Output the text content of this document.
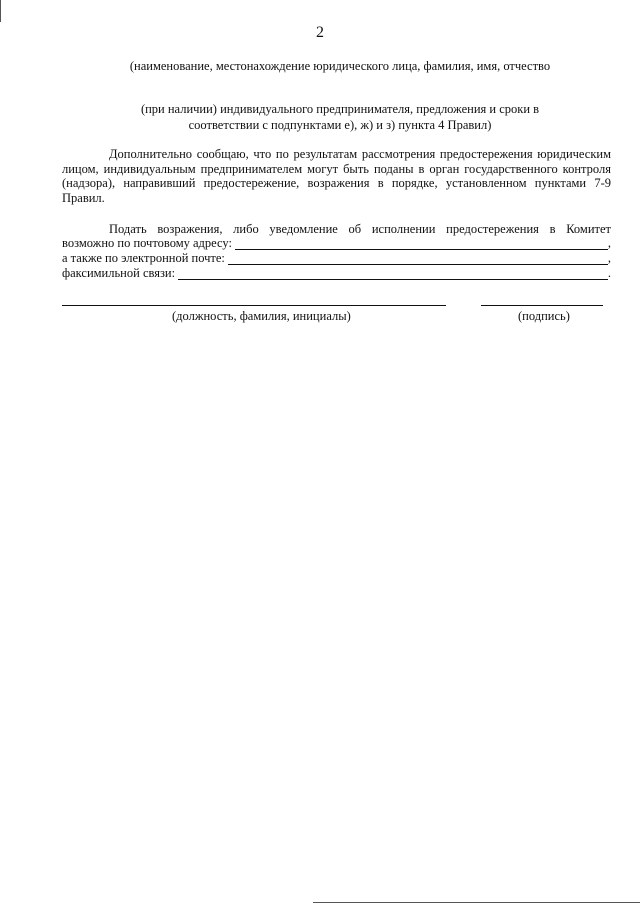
2
(наименование, местонахождение юридического лица, фамилия, имя, отчество
(при наличии) индивидуального предпринимателя, предложения и сроки в
соответствии с подпунктами е), ж) и з) пункта 4 Правил)
Дополнительно сообщаю, что по результатам рассмотрения предостережения юридическим лицом, индивидуальным предпринимателем могут быть поданы в орган государственного контроля (надзора), направивший предостережение, возражения в порядке, установленном пунктами 7-9 Правил.
Подать возражения, либо уведомление об исполнении предостережения в Комитет
возможно по почтовому адресу:	,
а также по электронной почте:	,
факсимильной связи:	.
(должность, фамилия, инициалы)	(подпись)
